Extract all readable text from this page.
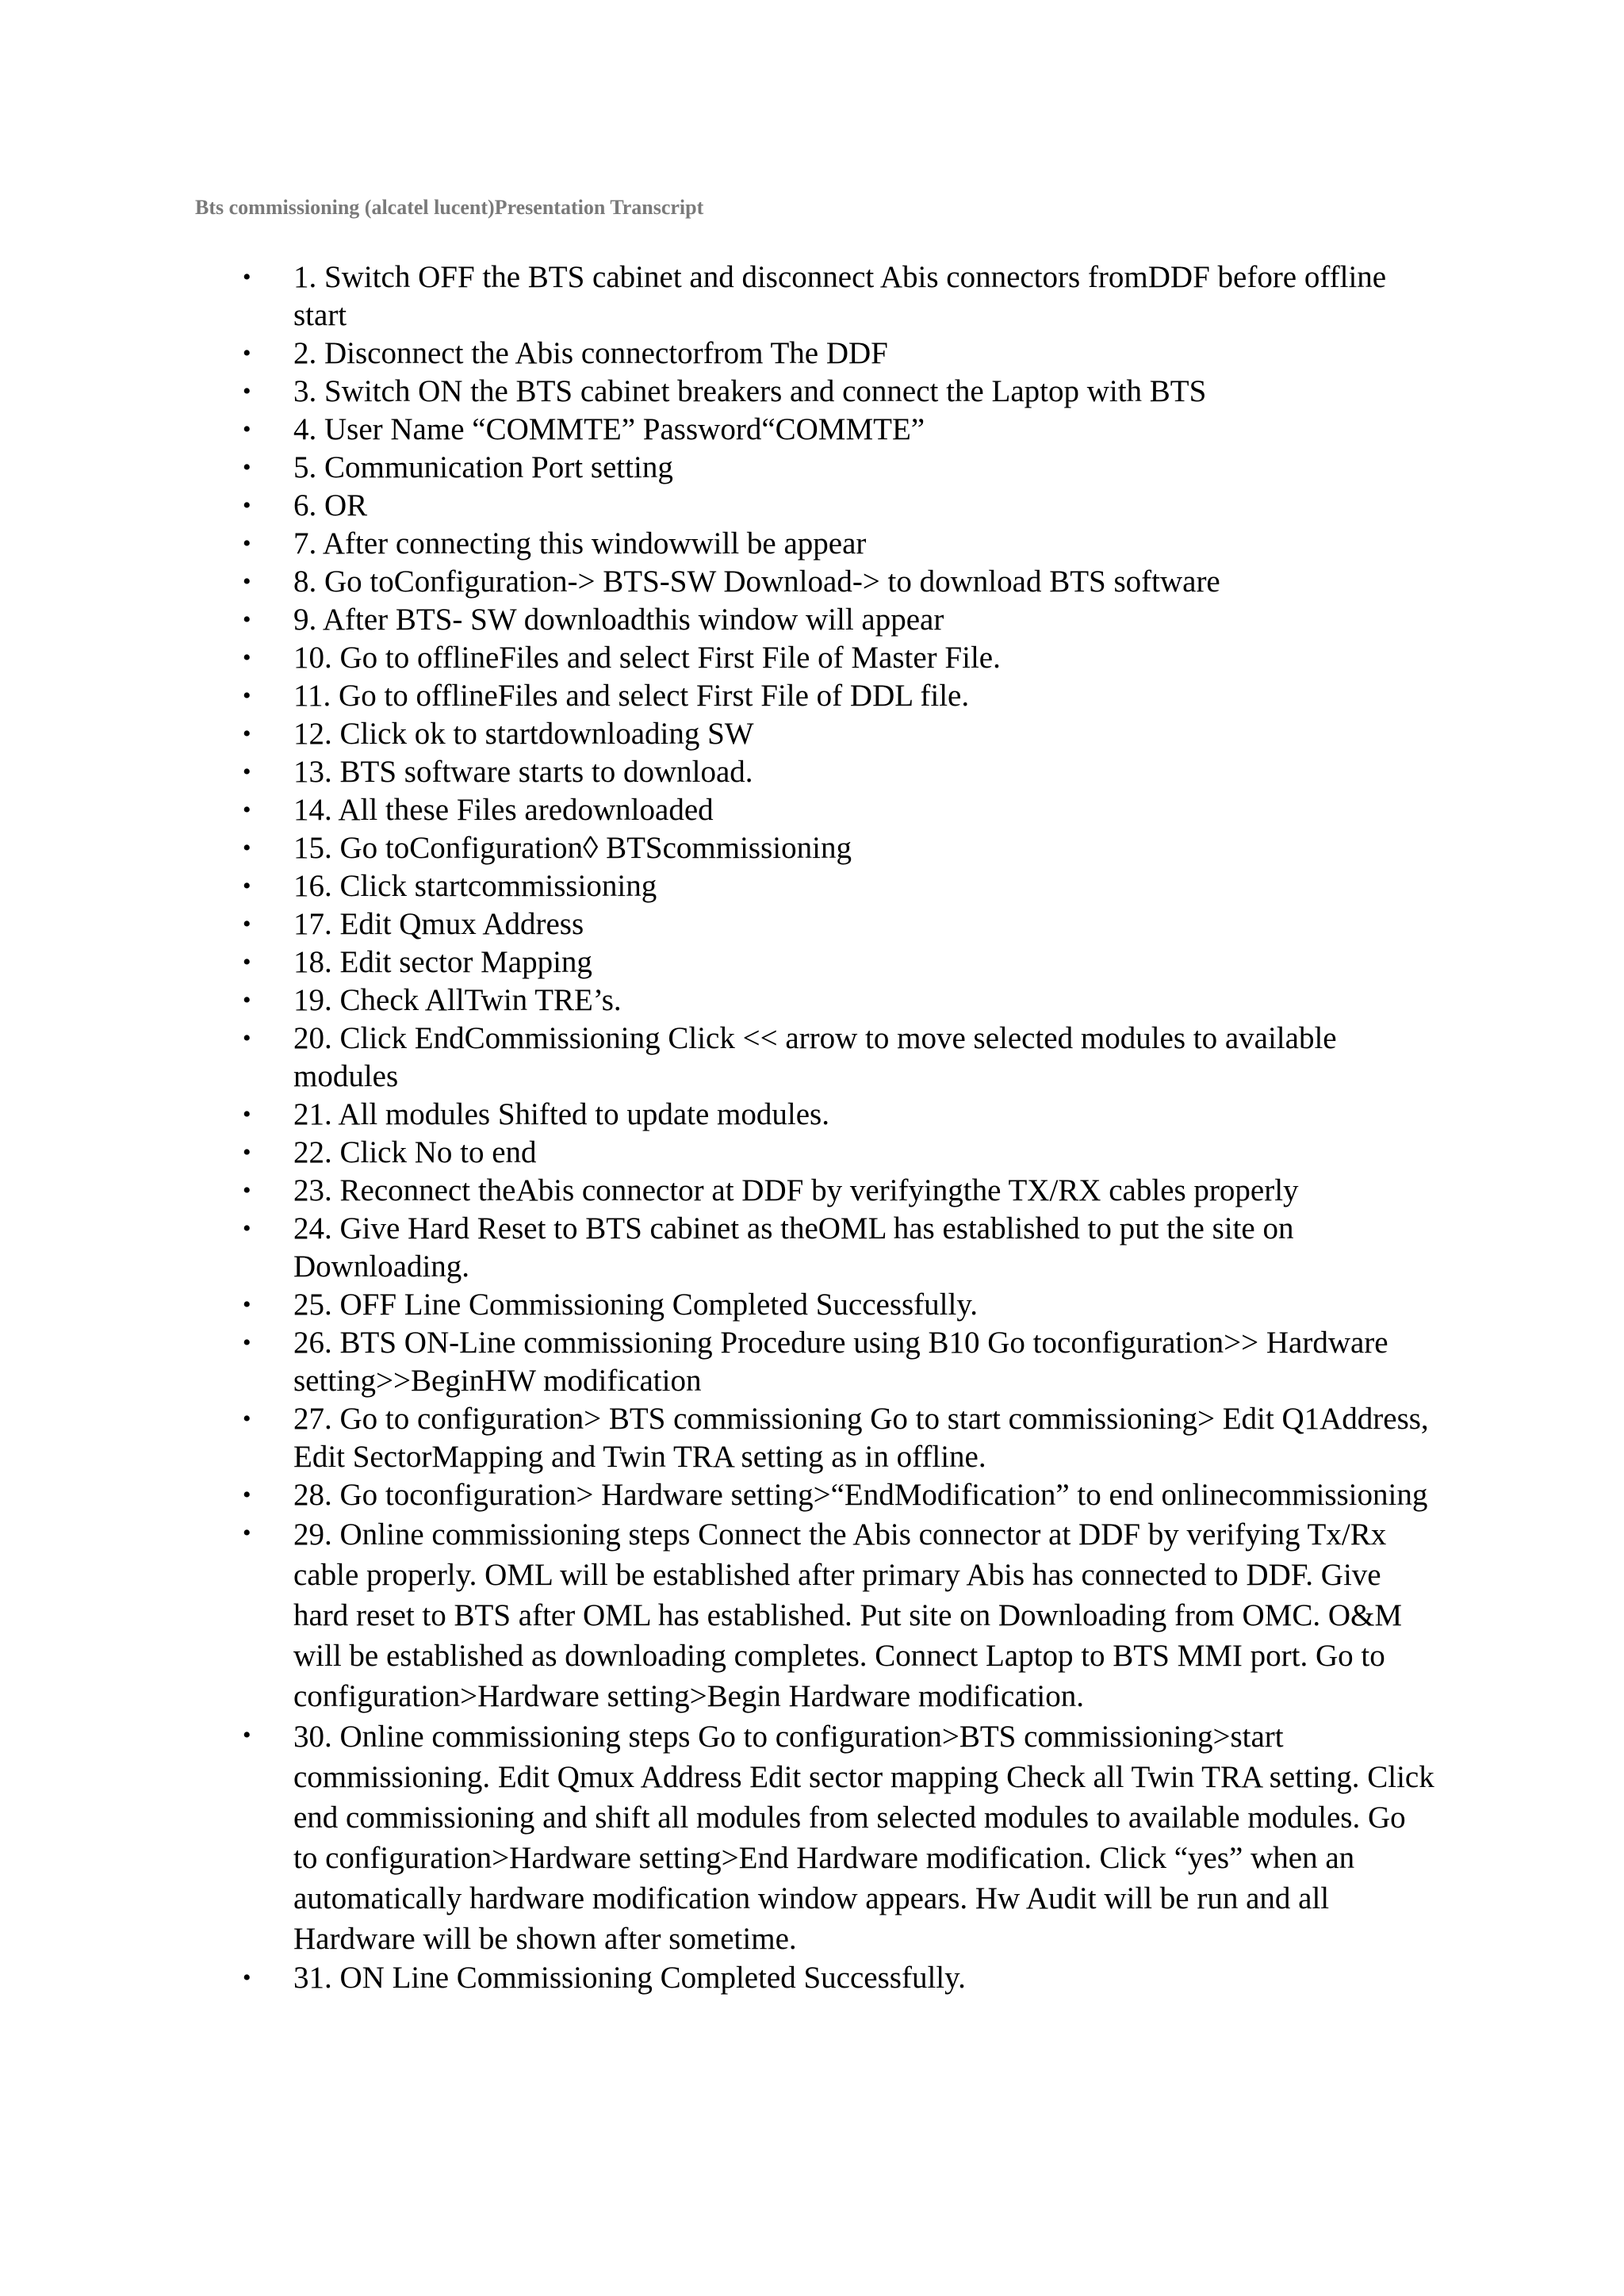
Bts commissioning (alcatel lucent)Presentation Transcript
• 1. Switch OFF the BTS cabinet and disconnect Abis connectors fromDDF before offline start
• 2. Disconnect the Abis connectorfrom The DDF
• 3. Switch ON the BTS cabinet breakers and connect the Laptop with BTS
• 4. User Name “COMMTE” Password“COMMTE”
• 5. Communication Port setting
• 6. OR
• 7. After connecting this windowwill be appear
• 8. Go toConfiguration-> BTS-SW Download-> to download BTS software
• 9. After BTS- SW downloadthis window will appear
• 10. Go to offlineFiles and select First File of Master File.
• 11. Go to offlineFiles and select First File of DDL file.
• 12. Click ok to startdownloading SW
• 13. BTS software starts to download.
• 14. All these Files aredownloaded
• 15. Go toConfiguration◊ BTScommissioning
• 16. Click startcommissioning
• 17. Edit Qmux Address
• 18. Edit sector Mapping
• 19. Check AllTwin TRE’s.
• 20. Click EndCommissioning Click << arrow to move selected modules to available modules
• 21. All modules Shifted to update modules.
• 22. Click No to end
• 23. Reconnect theAbis connector at DDF by verifyingthe TX/RX cables properly
• 24. Give Hard Reset to BTS cabinet as theOML has established to put the site on Downloading.
• 25. OFF Line Commissioning Completed Successfully.
• 26. BTS ON-Line commissioning Procedure using B10 Go toconfiguration>> Hardware setting>>BeginHW modification
• 27. Go to configuration> BTS commissioning Go to start commissioning> Edit Q1Address, Edit SectorMapping and Twin TRA setting as in offline.
• 28. Go toconfiguration> Hardware setting>“EndModification” to end onlinecommissioning
• 29. Online commissioning steps Connect the Abis connector at DDF by verifying Tx/Rx cable properly. OML will be established after primary Abis has connected to DDF. Give hard reset to BTS after OML has established. Put site on Downloading from OMC. O&M will be established as downloading completes. Connect Laptop to BTS MMI port. Go to configuration>Hardware setting>Begin Hardware modification.
• 30. Online commissioning steps Go to configuration>BTS commissioning>start commissioning. Edit Qmux Address Edit sector mapping Check all Twin TRA setting. Click end commissioning and shift all modules from selected modules to available modules. Go to configuration>Hardware setting>End Hardware modification. Click “yes” when an automatically hardware modification window appears. Hw Audit will be run and all Hardware will be shown after sometime.
• 31. ON Line Commissioning Completed Successfully.
